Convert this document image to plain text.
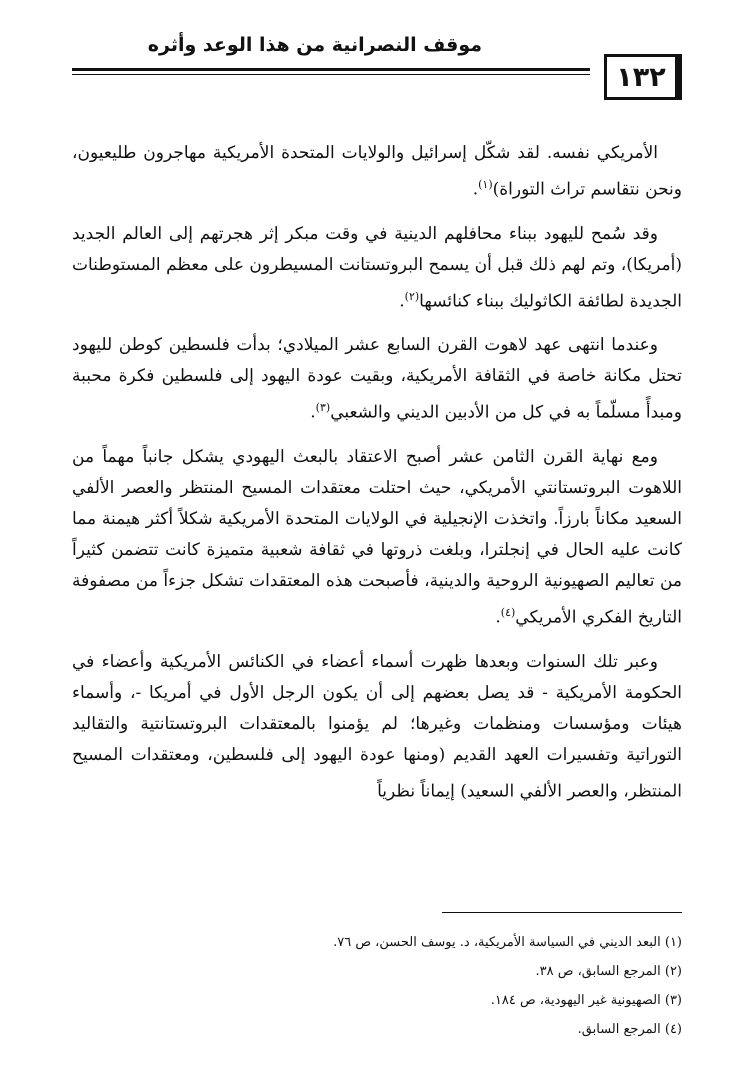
موقف النصرانية من هذا الوعد وأثره
١٣٢

الأمريكي نفسه. لقد شكّل إسرائيل والولايات المتحدة الأمريكية مهاجرون طليعيون، ونحن نتقاسم تراث التوراة)$^{(١)}$.

وقد سُمح لليهود ببناء محافلهم الدينية في وقت مبكر إثر هجرتهم إلى العالم الجديد (أمريكا)، وتم لهم ذلك قبل أن يسمح البروتستانت المسيطرون على معظم المستوطنات الجديدة لطائفة الكاثوليك ببناء كنائسها$^{(٢)}$.

وعندما انتهى عهد لاهوت القرن السابع عشر الميلادي؛ بدأت فلسطين كوطن لليهود تحتل مكانة خاصة في الثقافة الأمريكية، وبقيت عودة اليهود إلى فلسطين فكرة محببة ومبدأً مسلّماً به في كل من الأدبين الديني والشعبي$^{(٣)}$.

ومع نهاية القرن الثامن عشر أصبح الاعتقاد بالبعث اليهودي يشكل جانباً مهماً من اللاهوت البروتستانتي الأمريكي، حيث احتلت معتقدات المسيح المنتظر والعصر الألفي السعيد مكاناً بارزاً. واتخذت الإنجيلية في الولايات المتحدة الأمريكية شكلاً أكثر هيمنة مما كانت عليه الحال في إنجلترا، وبلغت ذروتها في ثقافة شعبية متميزة كانت تتضمن كثيراً من تعاليم الصهيونية الروحية والدينية، فأصبحت هذه المعتقدات تشكل جزءاً من مصفوفة التاريخ الفكري الأمريكي$^{(٤)}$.

وعبر تلك السنوات وبعدها ظهرت أسماء أعضاء في الكنائس الأمريكية وأعضاء في الحكومة الأمريكية - قد يصل بعضهم إلى أن يكون الرجل الأول في أمريكا -، وأسماء هيئات ومؤسسات ومنظمات وغيرها؛ لم يؤمنوا بالمعتقدات البروتستانتية والتقاليد التوراتية وتفسيرات العهد القديم (ومنها عودة اليهود إلى فلسطين، ومعتقدات المسيح المنتظر، والعصر الألفي السعيد) إيماناً نظرياً

(١) البعد الديني في السياسة الأمريكية، د. يوسف الحسن، ص ٧٦.

(٢) المرجع السابق، ص ٣٨.

(٣) الصهيونية غير اليهودية، ص ١٨٤.

(٤) المرجع السابق.
